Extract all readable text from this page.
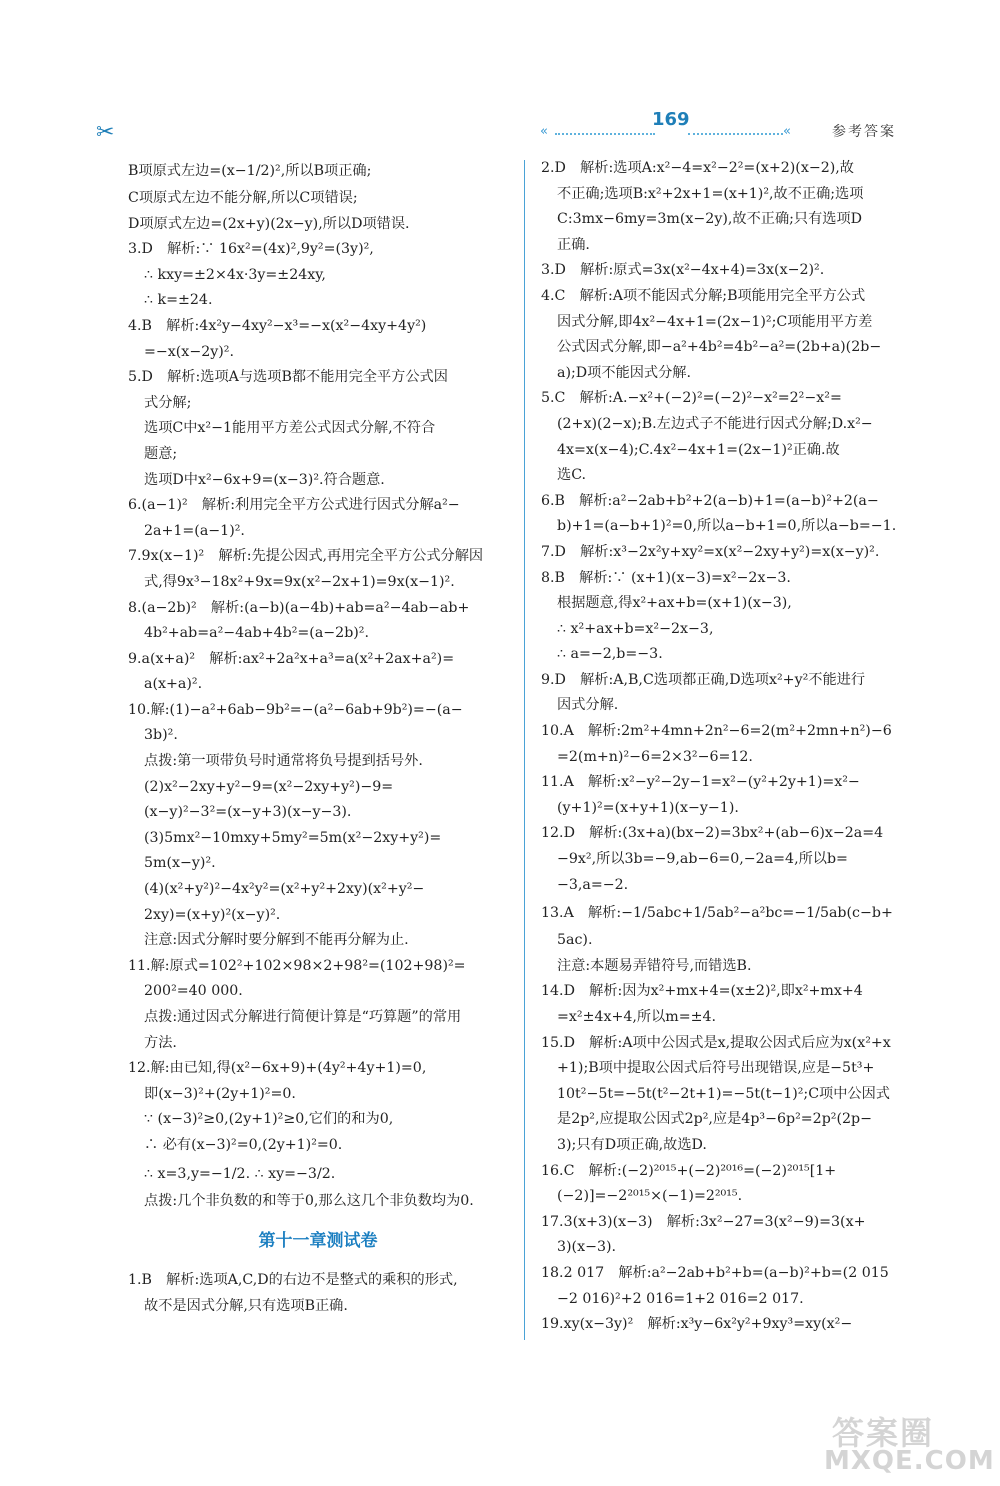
✂	«
169
«	参考答案
B项原式左边=(x−1/2)²,所以B项正确;
C项原式左边不能分解,所以C项错误;
D项原式左边=(2x+y)(2x−y),所以D项错误.
3.D　解析:∵ 16x²=(4x)²,9y²=(3y)²,
∴ kxy=±2×4x·3y=±24xy,
∴ k=±24.
4.B　解析:4x²y−4xy²−x³=−x(x²−4xy+4y²)
=−x(x−2y)².
5.D　解析:选项A与选项B都不能用完全平方公式因
式分解;
选项C中x²−1能用平方差公式因式分解,不符合
题意;
选项D中x²−6x+9=(x−3)².符合题意.
6.(a−1)²　解析:利用完全平方公式进行因式分解a²−
2a+1=(a−1)².
7.9x(x−1)²　解析:先提公因式,再用完全平方公式分解因
式,得9x³−18x²+9x=9x(x²−2x+1)=9x(x−1)².
8.(a−2b)²　解析:(a−b)(a−4b)+ab=a²−4ab−ab+
4b²+ab=a²−4ab+4b²=(a−2b)².
9.a(x+a)²　解析:ax²+2a²x+a³=a(x²+2ax+a²)=
a(x+a)².
10.解:(1)−a²+6ab−9b²=−(a²−6ab+9b²)=−(a−
3b)².
点拨:第一项带负号时通常将负号提到括号外.
(2)x²−2xy+y²−9=(x²−2xy+y²)−9=
(x−y)²−3²=(x−y+3)(x−y−3).
(3)5mx²−10mxy+5my²=5m(x²−2xy+y²)=
5m(x−y)².
(4)(x²+y²)²−4x²y²=(x²+y²+2xy)(x²+y²−
2xy)=(x+y)²(x−y)².
注意:因式分解时要分解到不能再分解为止.
11.解:原式=102²+102×98×2+98²=(102+98)²=
200²=40 000.
点拨:通过因式分解进行简便计算是“巧算题”的常用
方法.
12.解:由已知,得(x²−6x+9)+(4y²+4y+1)=0,
即(x−3)²+(2y+1)²=0.
∵ (x−3)²≥0,(2y+1)²≥0,它们的和为0,
∴ 必有(x−3)²=0,(2y+1)²=0.
∴ x=3,y=−1/2. ∴ xy=−3/2.
点拨:几个非负数的和等于0,那么这几个非负数均为0.
第十一章测试卷
1.B　解析:选项A,C,D的右边不是整式的乘积的形式,
故不是因式分解,只有选项B正确.
2.D　解析:选项A:x²−4=x²−2²=(x+2)(x−2),故
不正确;选项B:x²+2x+1=(x+1)²,故不正确;选项
C:3mx−6my=3m(x−2y),故不正确;只有选项D
正确.
3.D　解析:原式=3x(x²−4x+4)=3x(x−2)².
4.C　解析:A项不能因式分解;B项能用完全平方公式
因式分解,即4x²−4x+1=(2x−1)²;C项能用平方差
公式因式分解,即−a²+4b²=4b²−a²=(2b+a)(2b−
a);D项不能因式分解.
5.C　解析:A.−x²+(−2)²=(−2)²−x²=2²−x²=
(2+x)(2−x);B.左边式子不能进行因式分解;D.x²−
4x=x(x−4);C.4x²−4x+1=(2x−1)²正确.故
选C.
6.B　解析:a²−2ab+b²+2(a−b)+1=(a−b)²+2(a−
b)+1=(a−b+1)²=0,所以a−b+1=0,所以a−b=−1.
7.D　解析:x³−2x²y+xy²=x(x²−2xy+y²)=x(x−y)².
8.B　解析:∵ (x+1)(x−3)=x²−2x−3.
根据题意,得x²+ax+b=(x+1)(x−3),
∴ x²+ax+b=x²−2x−3,
∴ a=−2,b=−3.
9.D　解析:A,B,C选项都正确,D选项x²+y²不能进行
因式分解.
10.A　解析:2m²+4mn+2n²−6=2(m²+2mn+n²)−6
=2(m+n)²−6=2×3²−6=12.
11.A　解析:x²−y²−2y−1=x²−(y²+2y+1)=x²−
(y+1)²=(x+y+1)(x−y−1).
12.D　解析:(3x+a)(bx−2)=3bx²+(ab−6)x−2a=4
−9x²,所以3b=−9,ab−6=0,−2a=4,所以b=
−3,a=−2.
13.A　解析:−1/5abc+1/5ab²−a²bc=−1/5ab(c−b+
5ac).
注意:本题易弄错符号,而错选B.
14.D　解析:因为x²+mx+4=(x±2)²,即x²+mx+4
=x²±4x+4,所以m=±4.
15.D　解析:A项中公因式是x,提取公因式后应为x(x²+x
+1);B项中提取公因式后符号出现错误,应是−5t³+
10t²−5t=−5t(t²−2t+1)=−5t(t−1)²;C项中公因式
是2p²,应提取公因式2p²,应是4p³−6p²=2p²(2p−
3);只有D项正确,故选D.
16.C　解析:(−2)²⁰¹⁵+(−2)²⁰¹⁶=(−2)²⁰¹⁵[1+
(−2)]=−2²⁰¹⁵×(−1)=2²⁰¹⁵.
17.3(x+3)(x−3)　解析:3x²−27=3(x²−9)=3(x+
3)(x−3).
18.2 017　解析:a²−2ab+b²+b=(a−b)²+b=(2 015
−2 016)²+2 016=1+2 016=2 017.
19.xy(x−3y)²　解析:x³y−6x²y²+9xy³=xy(x²−
答案圈
MXQE.COM
